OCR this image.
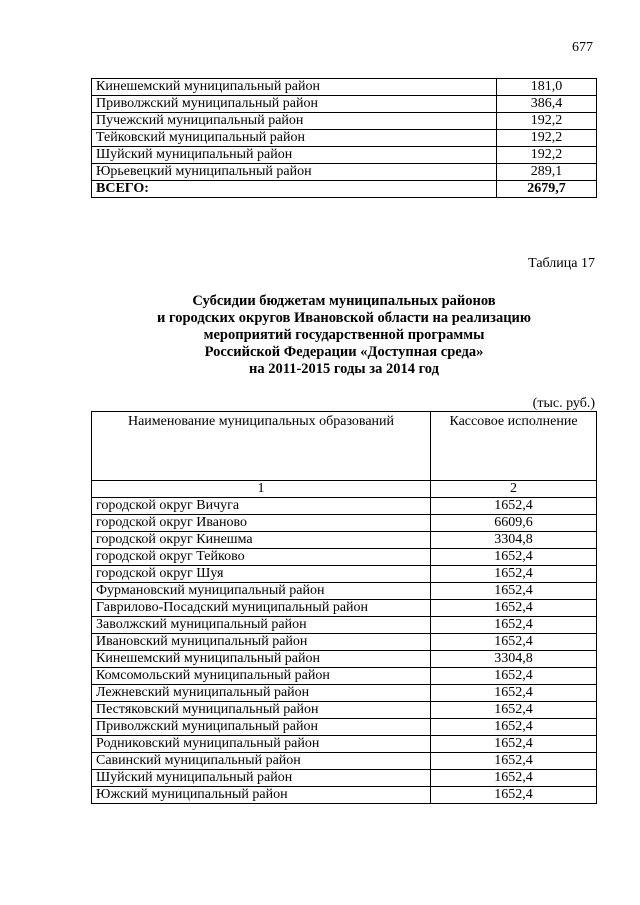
677
Кинешемский муниципальный район	181,0
Приволжский муниципальный район	386,4
Пучежский муниципальный район	192,2
Тейковский муниципальный район	192,2
Шуйский муниципальный район	192,2
Юрьевецкий муниципальный район	289,1
ВСЕГО:	2679,7
Таблица 17
Субсидии бюджетам муниципальных районов
и городских округов Ивановской области на реализацию
мероприятий государственной программы
Российской Федерации «Доступная среда»
на 2011-2015 годы за 2014 год
(тыс. руб.)
Наименование муниципальных образований	Кассовое исполнение
1	2
городской округ Вичуга	1652,4
городской округ Иваново	6609,6
городской округ Кинешма	3304,8
городской округ Тейково	1652,4
городской округ Шуя	1652,4
Фурмановский муниципальный район	1652,4
Гаврилово-Посадский муниципальный район	1652,4
Заволжский муниципальный район	1652,4
Ивановский муниципальный район	1652,4
Кинешемский муниципальный район	3304,8
Комсомольский муниципальный район	1652,4
Лежневский муниципальный район	1652,4
Пестяковский муниципальный район	1652,4
Приволжский муниципальный район	1652,4
Родниковский муниципальный район	1652,4
Савинский муниципальный район	1652,4
Шуйский муниципальный район	1652,4
Южский муниципальный район	1652,4
